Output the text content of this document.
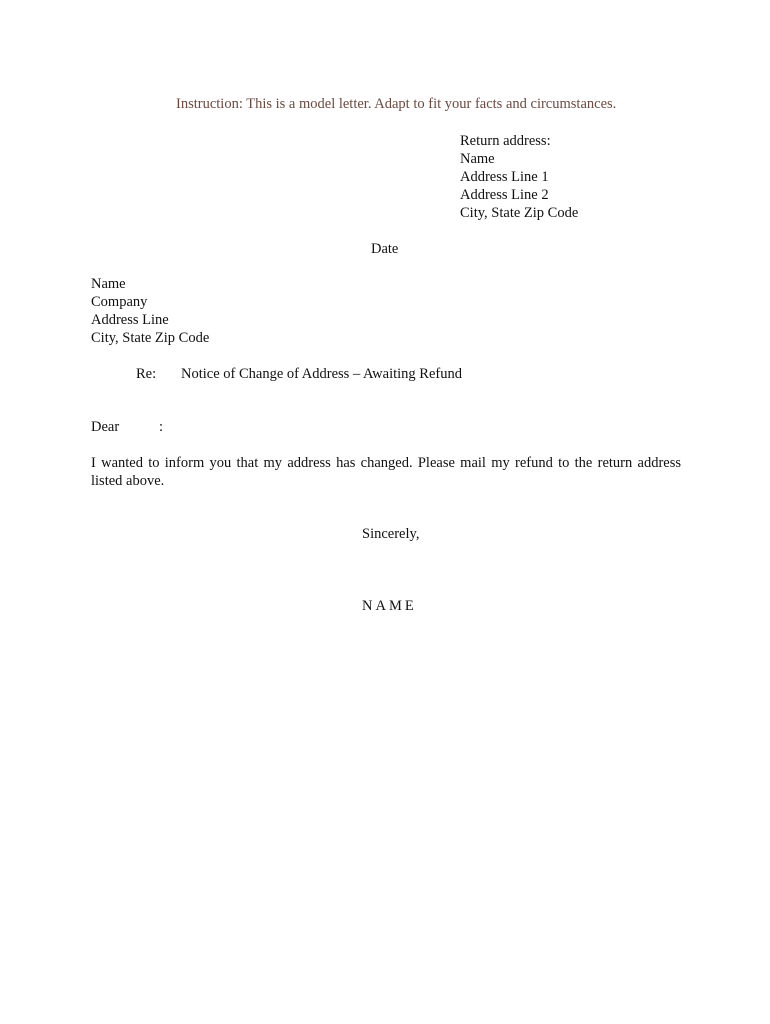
Instruction: This is a model letter. Adapt to fit your facts and circumstances.
Return address:
Name
Address Line 1
Address Line 2
City, State Zip Code
Date
Name
Company
Address Line
City, State Zip Code
Re: Notice of Change of Address – Awaiting Refund
Dear	:
I wanted to inform you that my address has changed. Please mail my refund to the return address listed above.
Sincerely,
NAME
